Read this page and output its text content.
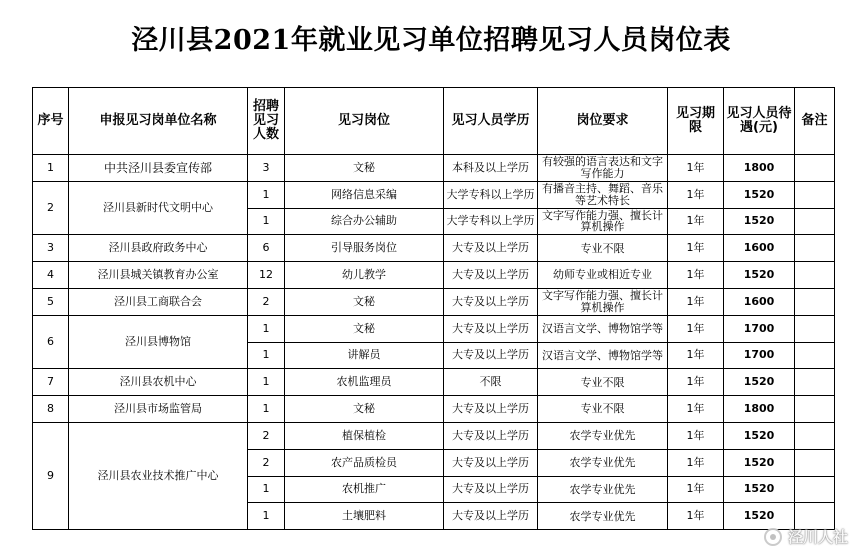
泾川县2021年就业见习单位招聘见习人员岗位表
序号	申报见习岗单位名称	招聘见习人数	见习岗位	见习人员学历	岗位要求	见习期限	见习人员待遇(元)	备注
1	中共泾川县委宣传部	3	文秘	本科及以上学历	有较强的语言表达和文字写作能力	1年	1800	
2	泾川县新时代文明中心	1	网络信息采编	大学专科以上学历	有播音主持、舞蹈、音乐等艺术特长	1年	1520	
		1	综合办公辅助	大学专科以上学历	文字写作能力强、擅长计算机操作	1年	1520	
3	泾川县政府政务中心	6	引导服务岗位	大专及以上学历	专业不限	1年	1600	
4	泾川县城关镇教育办公室	12	幼儿教学	大专及以上学历	幼师专业或相近专业	1年	1520	
5	泾川县工商联合会	2	文秘	大专及以上学历	文字写作能力强、擅长计算机操作	1年	1600	
6	泾川县博物馆	1	文秘	大专及以上学历	汉语言文学、博物馆学等	1年	1700	
		1	讲解员	大专及以上学历	汉语言文学、博物馆学等	1年	1700	
7	泾川县农机中心	1	农机监理员	不限	专业不限	1年	1520	
8	泾川县市场监管局	1	文秘	大专及以上学历	专业不限	1年	1800	
9	泾川县农业技术推广中心	2	植保植检	大专及以上学历	农学专业优先	1年	1520	
		2	农产品质检员	大专及以上学历	农学专业优先	1年	1520	
		1	农机推广	大专及以上学历	农学专业优先	1年	1520	
		1	土壤肥料	大专及以上学历	农学专业优先	1年	1520	
泾川人社
